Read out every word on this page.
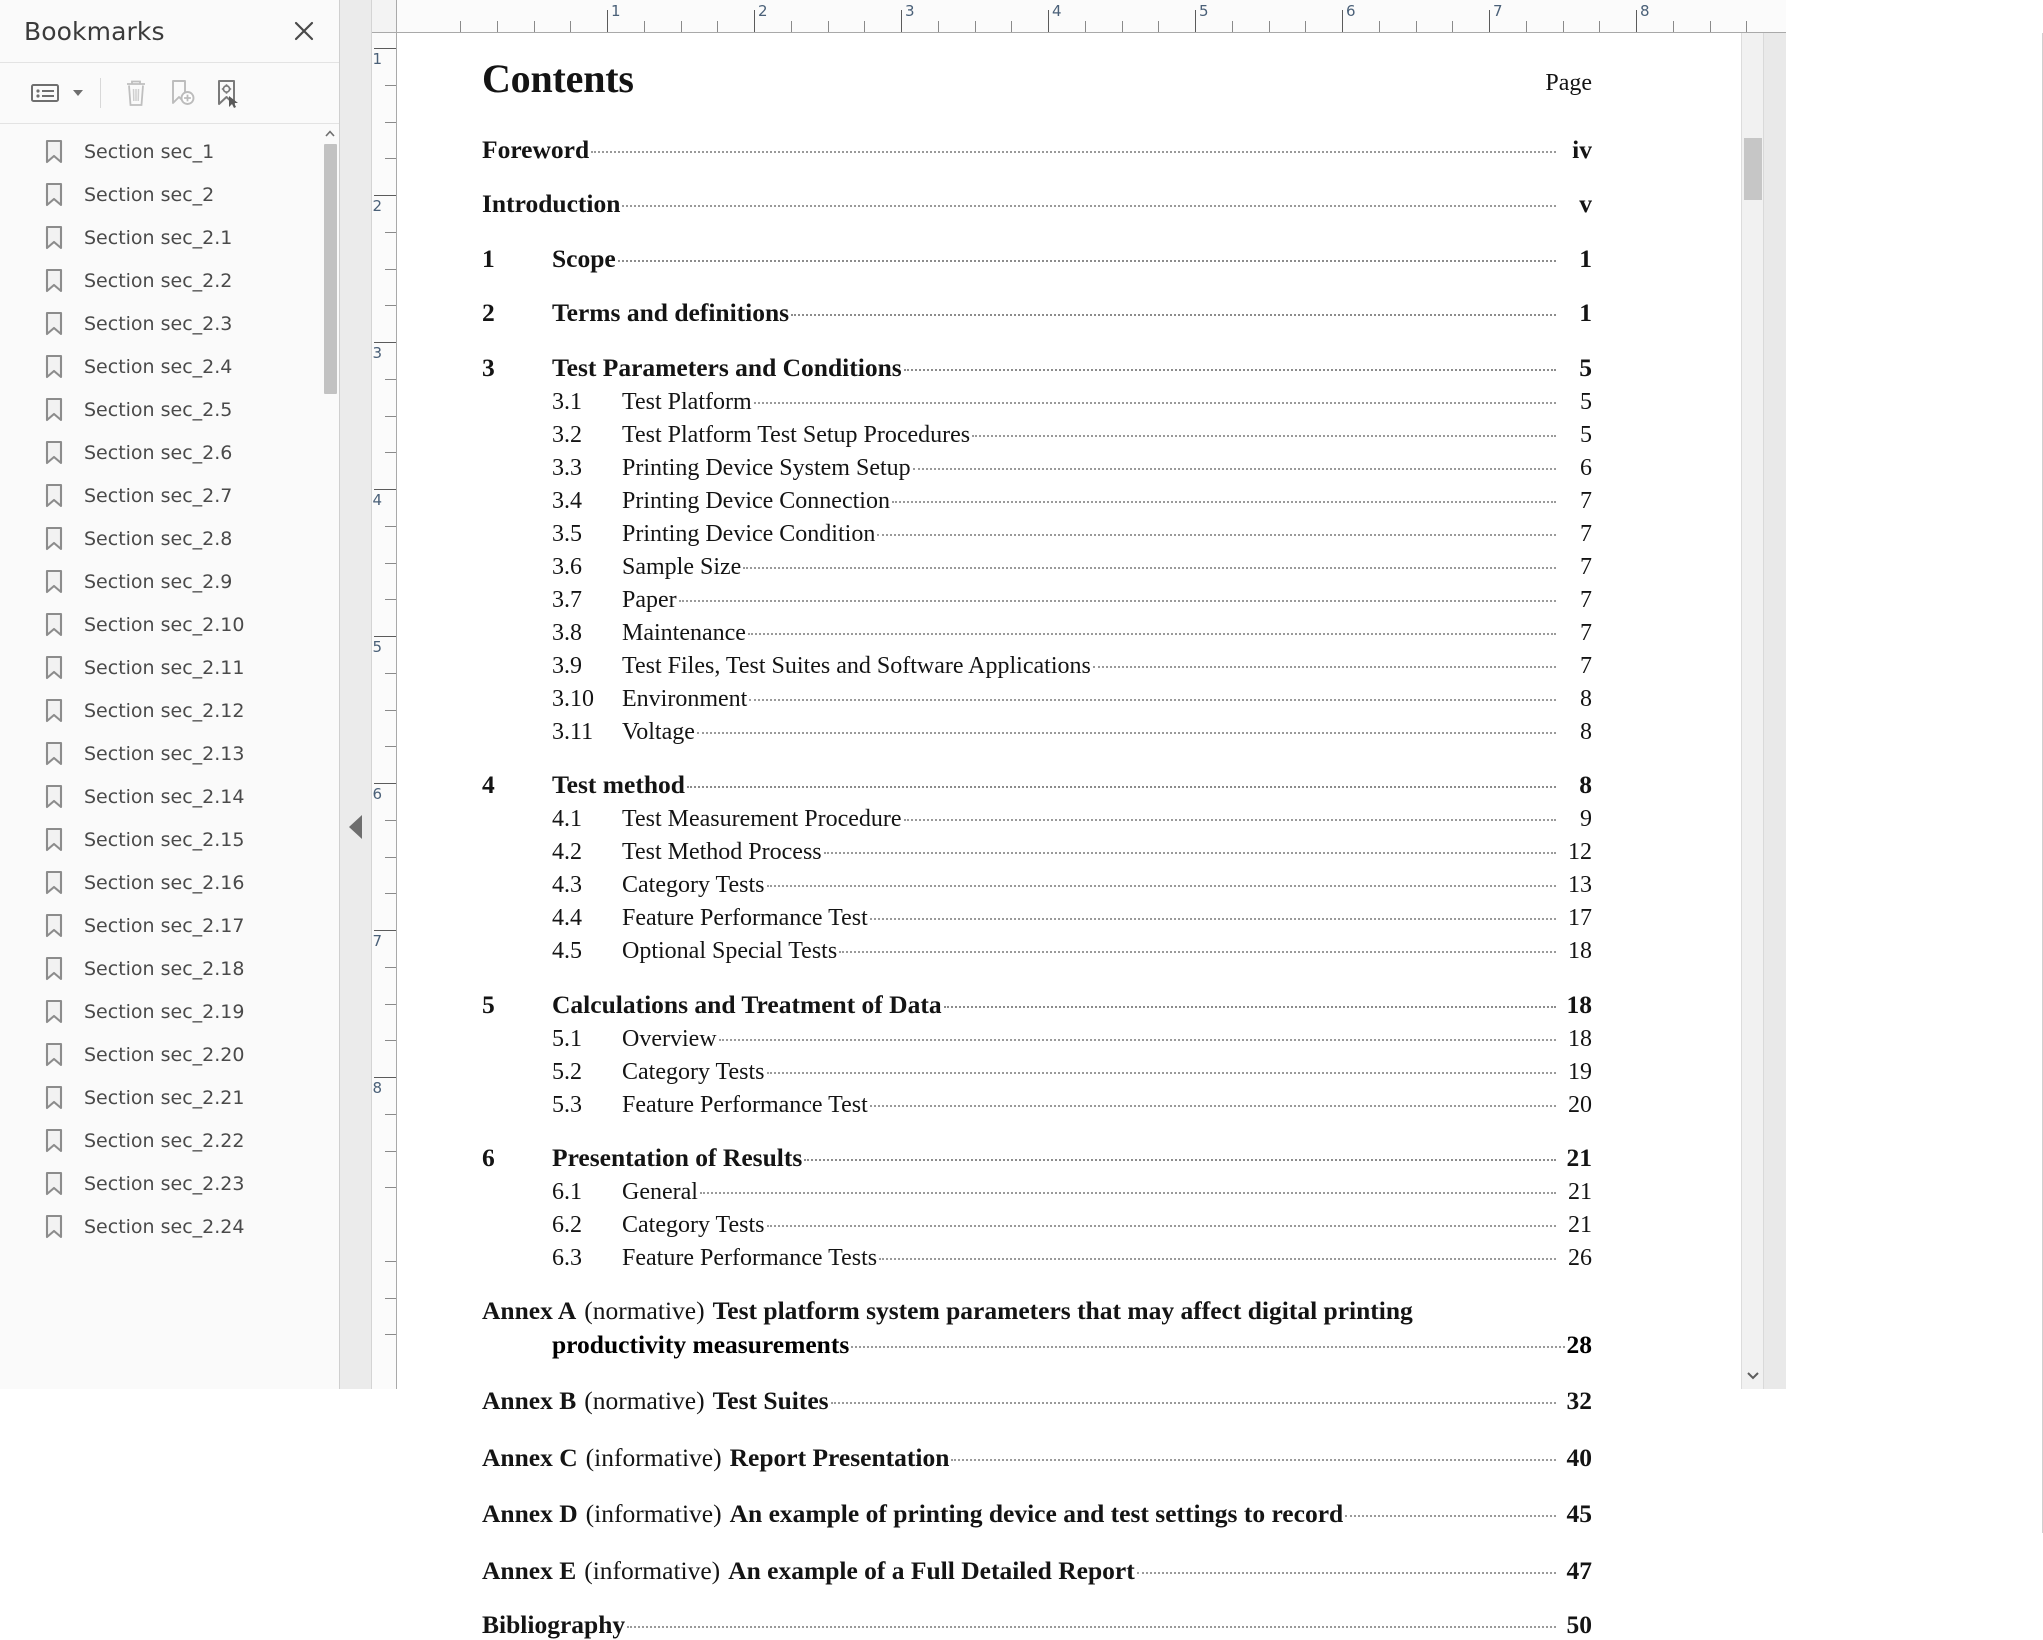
Bookmarks
Section sec_1
Section sec_2
Section sec_2.1
Section sec_2.2
Section sec_2.3
Section sec_2.4
Section sec_2.5
Section sec_2.6
Section sec_2.7
Section sec_2.8
Section sec_2.9
Section sec_2.10
Section sec_2.11
Section sec_2.12
Section sec_2.13
Section sec_2.14
Section sec_2.15
Section sec_2.16
Section sec_2.17
Section sec_2.18
Section sec_2.19
Section sec_2.20
Section sec_2.21
Section sec_2.22
Section sec_2.23
Section sec_2.24
1	2	3	4	5	6	7	8
1
2
3
4
5
6
7
8
Contents	Page
Foreword	iv
Introduction	v
1	Scope	1
2	Terms and definitions	1
3	Test Parameters and Conditions	5
3.1	Test Platform	5
3.2	Test Platform Test Setup Procedures	5
3.3	Printing Device System Setup	6
3.4	Printing Device Connection	7
3.5	Printing Device Condition	7
3.6	Sample Size	7
3.7	Paper	7
3.8	Maintenance	7
3.9	Test Files, Test Suites and Software Applications	7
3.10	Environment	8
3.11	Voltage	8
4	Test method	8
4.1	Test Measurement Procedure	9
4.2	Test Method Process	12
4.3	Category Tests	13
4.4	Feature Performance Test	17
4.5	Optional Special Tests	18
5	Calculations and Treatment of Data	18
5.1	Overview	18
5.2	Category Tests	19
5.3	Feature Performance Test	20
6	Presentation of Results	21
6.1	General	21
6.2	Category Tests	21
6.3	Feature Performance Tests	26
Annex A (normative) Test platform system parameters that may affect digital printing
productivity measurements	28
Annex B (normative) Test Suites	32
Annex C (informative) Report Presentation	40
Annex D (informative) An example of printing device and test settings to record	45
Annex E (informative) An example of a Full Detailed Report	47
Bibliography	50
